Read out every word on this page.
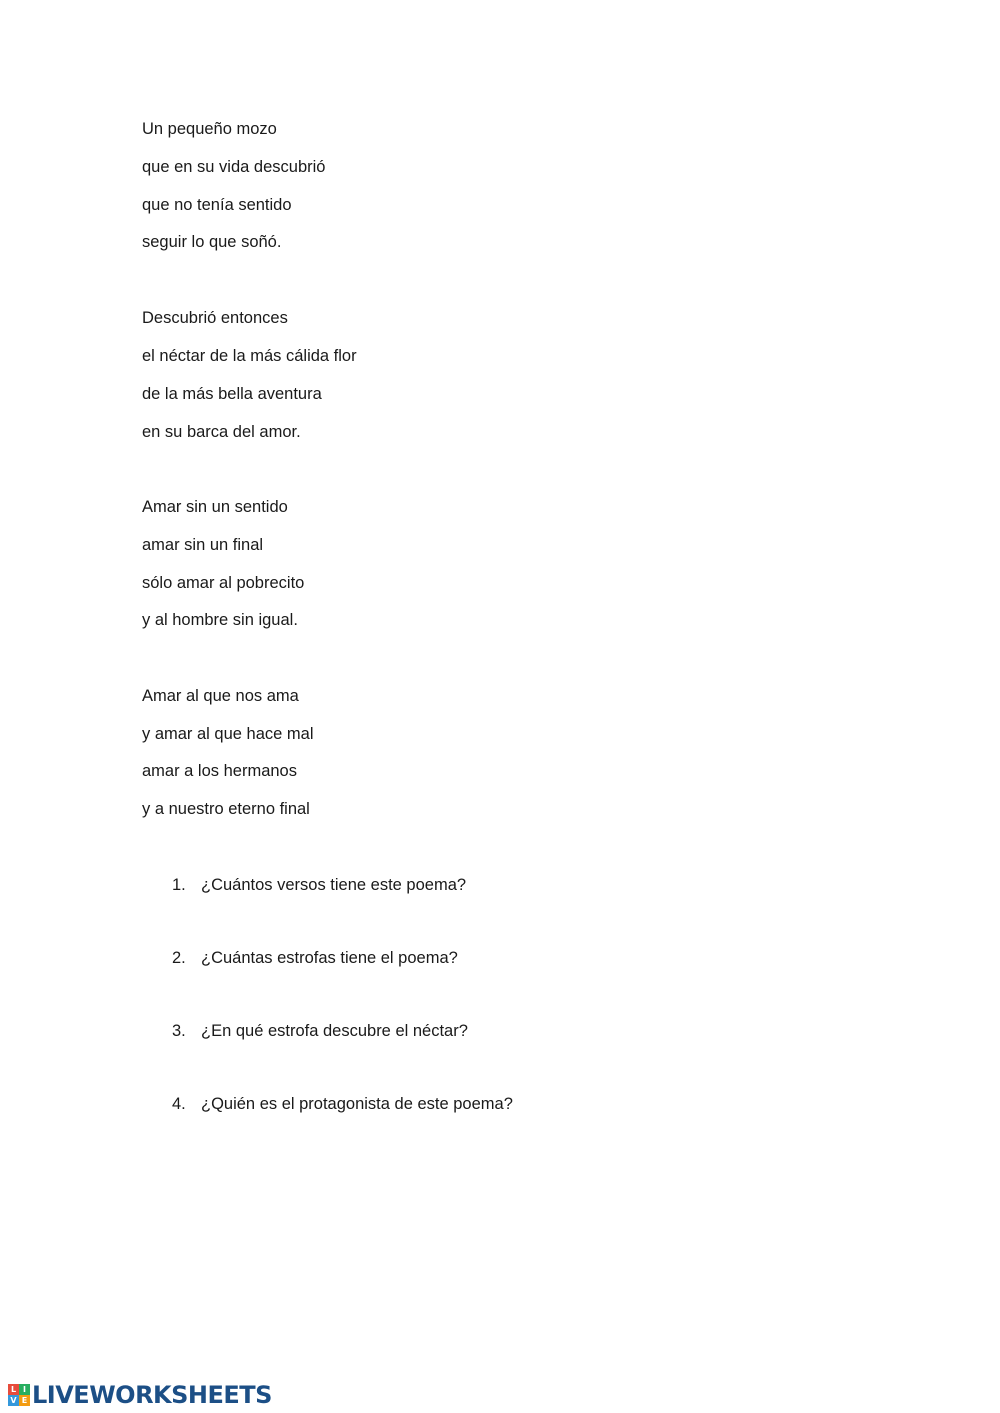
Un pequeño mozo
que en su vida descubrió
que no tenía sentido
seguir lo que soñó.
Descubrió entonces
el néctar de la más cálida flor
de la más bella aventura
en su barca del amor.
Amar sin un sentido
amar sin un final
sólo amar al pobrecito
y al hombre sin igual.
Amar al que nos ama
y amar al que hace mal
amar a los hermanos
y a nuestro eterno final
1. ¿Cuántos versos tiene este poema?
2. ¿Cuántas estrofas tiene el poema?
3. ¿En qué estrofa descubre el néctar?
4. ¿Quién es el protagonista de este poema?
L I
V E LIVEWORKSHEETS
